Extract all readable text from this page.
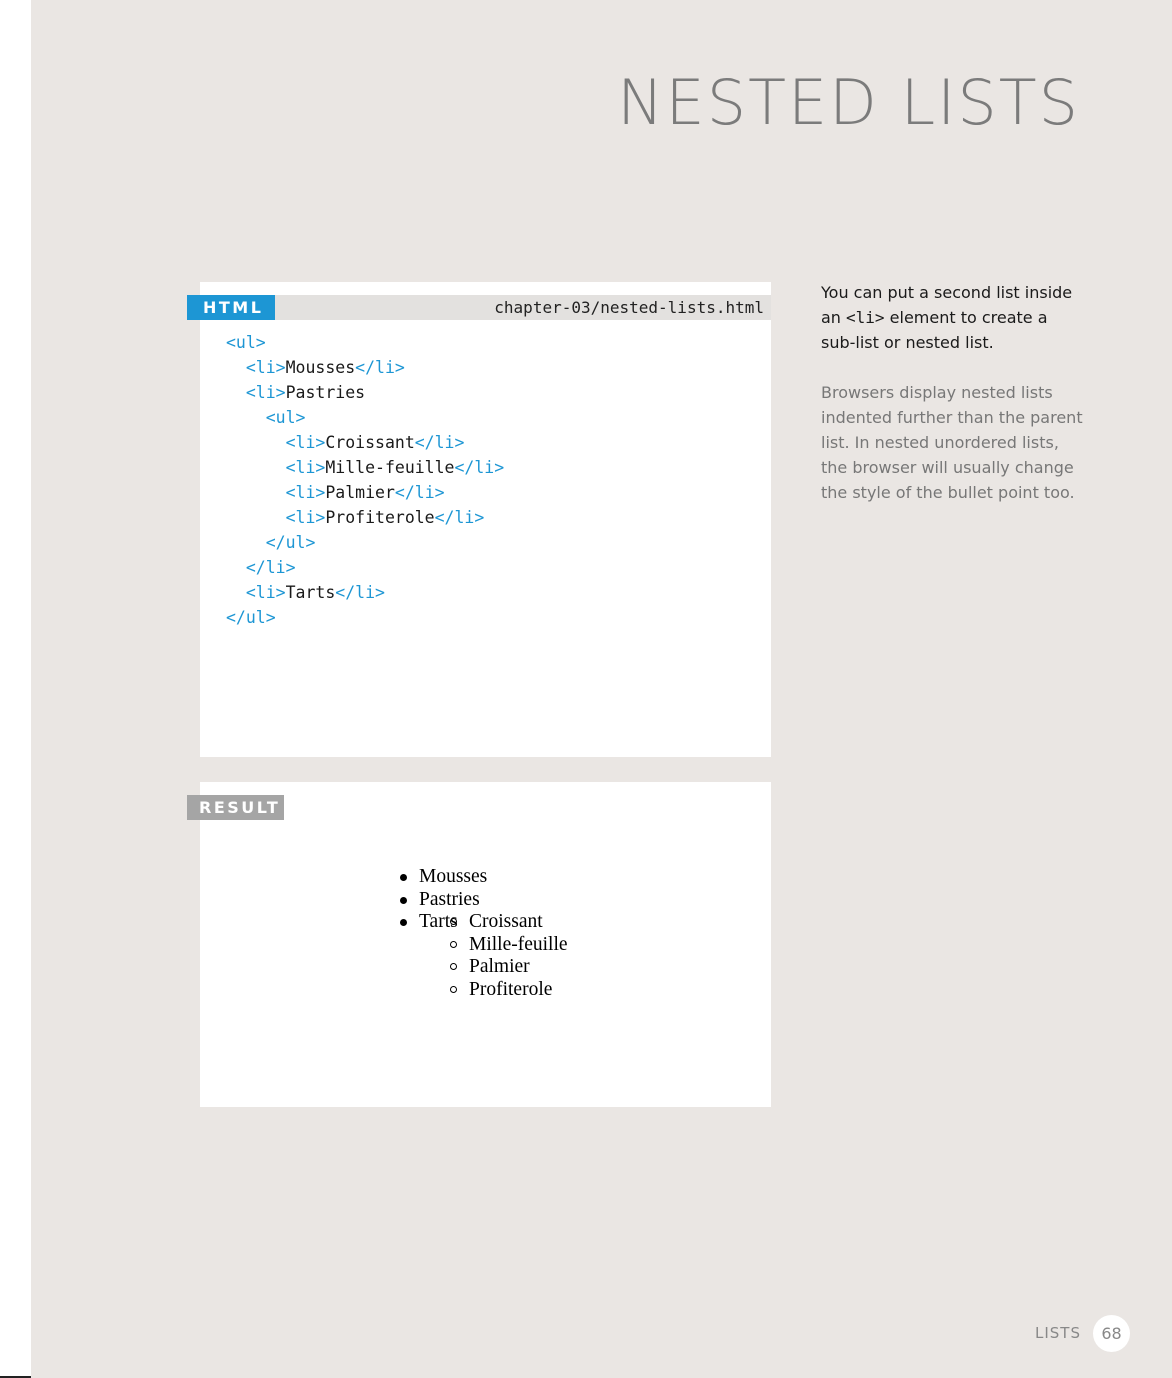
NESTED LISTS
chapter-03/nested-lists.html
HTML
<ul>
<li>Mousses</li>
<li>Pastries
<ul>
<li>Croissant</li>
<li>Mille-feuille</li>
<li>Palmier</li>
<li>Profiterole</li>
</ul>
</li>
<li>Tarts</li>
</ul>
RESULT
Mousses
Pastries
Croissant
Mille-feuille
Palmier
Profiterole
Tarts

You can put a second list inside an <li> element to create a sub-list or nested list.

Browsers display nested lists indented further than the parent list. In nested unordered lists, the browser will usually change the style of the bullet point too.

LISTS	68
